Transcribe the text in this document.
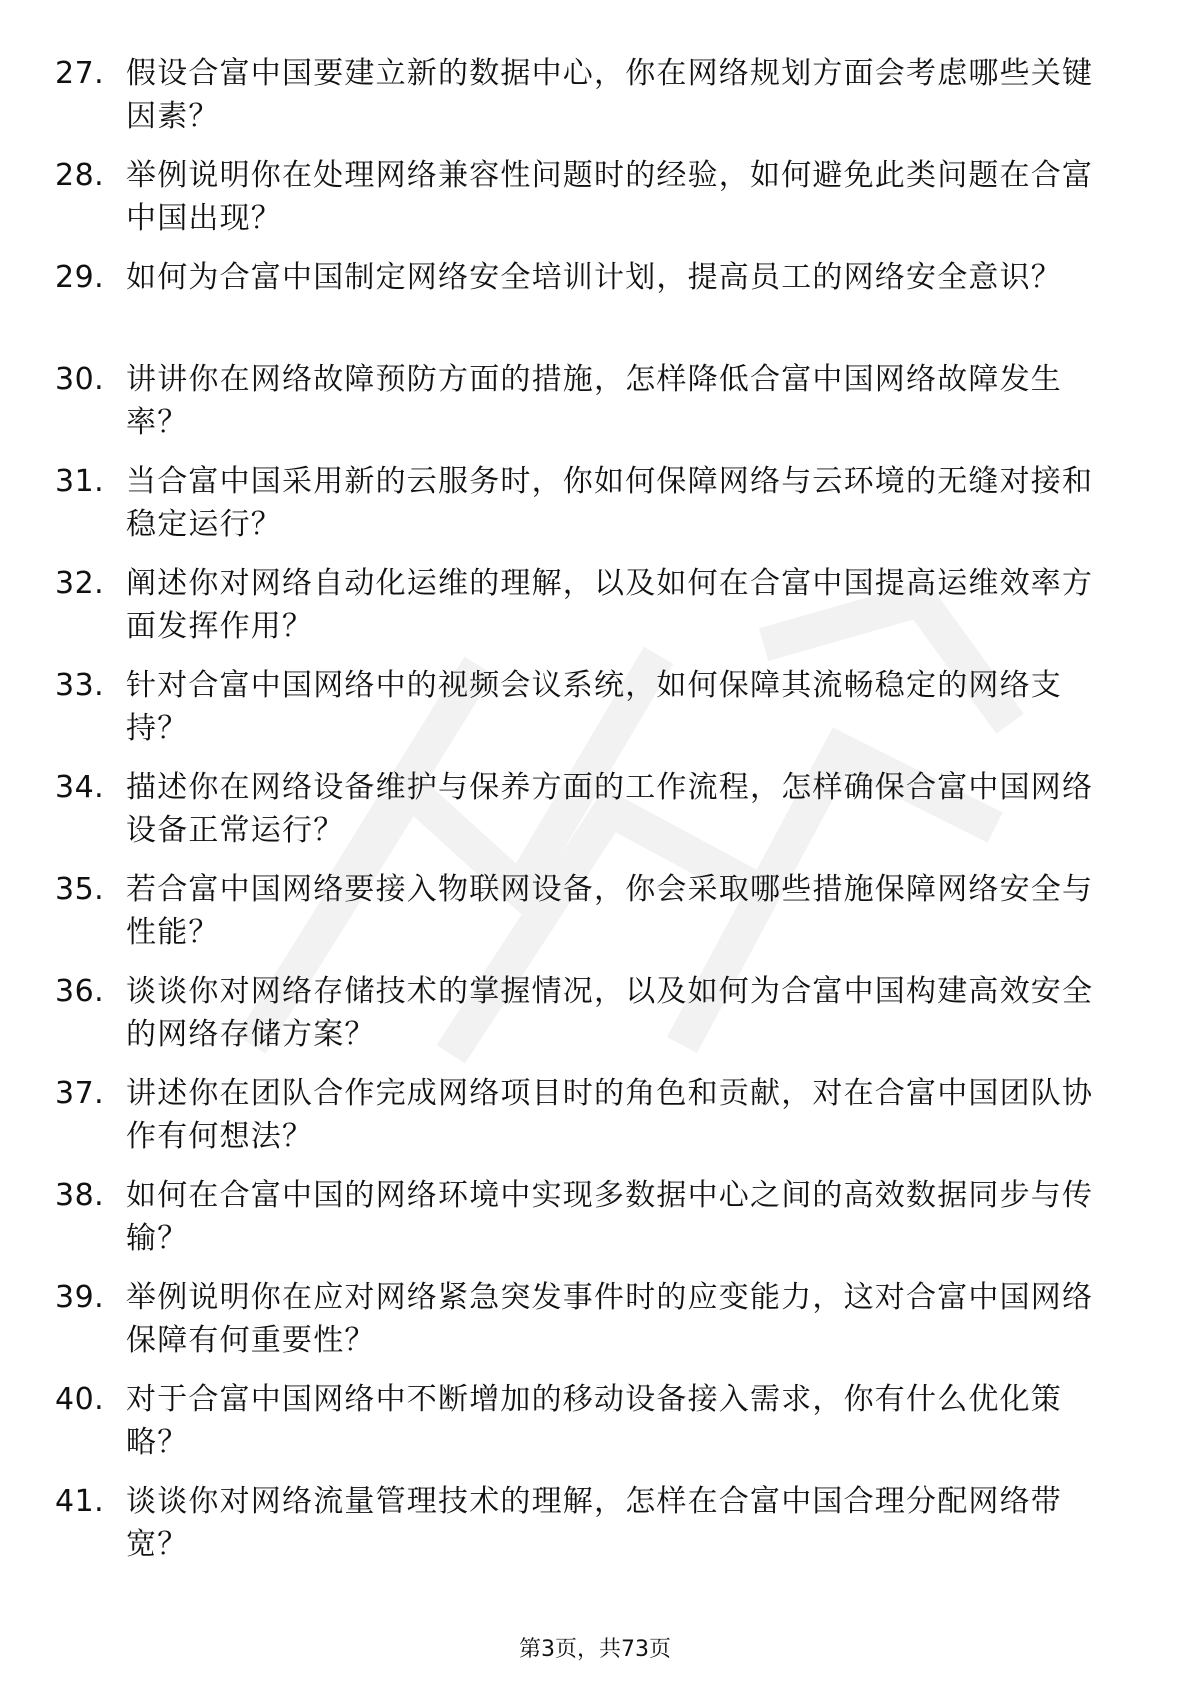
27. 假设合富中国要建立新的数据中心，你在网络规划方面会考虑哪些关键因素？
28. 举例说明你在处理网络兼容性问题时的经验，如何避免此类问题在合富中国出现？
29. 如何为合富中国制定网络安全培训计划，提高员工的网络安全意识？
30. 讲讲你在网络故障预防方面的措施，怎样降低合富中国网络故障发生率？
31. 当合富中国采用新的云服务时，你如何保障网络与云环境的无缝对接和稳定运行？
32. 阐述你对网络自动化运维的理解，以及如何在合富中国提高运维效率方面发挥作用？
33. 针对合富中国网络中的视频会议系统，如何保障其流畅稳定的网络支持？
34. 描述你在网络设备维护与保养方面的工作流程，怎样确保合富中国网络设备正常运行？
35. 若合富中国网络要接入物联网设备，你会采取哪些措施保障网络安全与性能？
36. 谈谈你对网络存储技术的掌握情况，以及如何为合富中国构建高效安全的网络存储方案？
37. 讲述你在团队合作完成网络项目时的角色和贡献，对在合富中国团队协作有何想法？
38. 如何在合富中国的网络环境中实现多数据中心之间的高效数据同步与传输？
39. 举例说明你在应对网络紧急突发事件时的应变能力，这对合富中国网络保障有何重要性？
40. 对于合富中国网络中不断增加的移动设备接入需求，你有什么优化策略？
41. 谈谈你对网络流量管理技术的理解，怎样在合富中国合理分配网络带宽？
第3页，共73页
